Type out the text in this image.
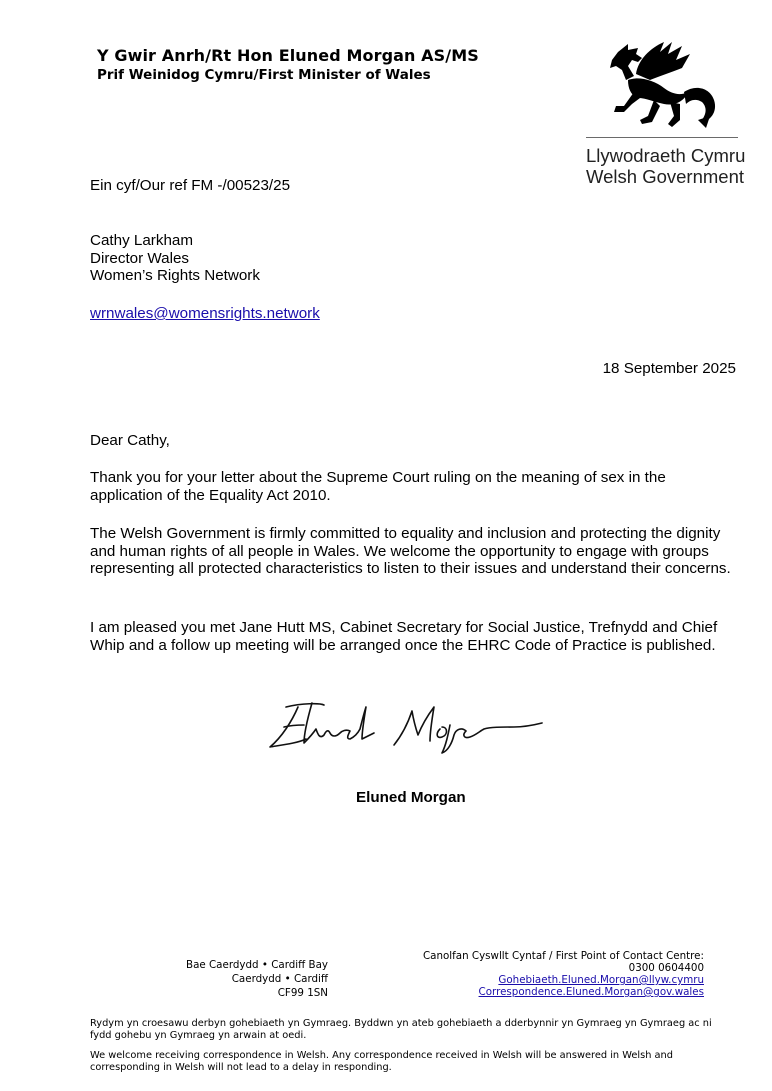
Y Gwir Anrh/Rt Hon Eluned Morgan AS/MS
Prif Weinidog Cymru/First Minister of Wales
Llywodraeth Cymru
Welsh Government
Ein cyf/Our ref FM -/00523/25
Cathy Larkham
Director Wales
Women’s Rights Network
wrnwales@womensrights.network
18 September 2025
Dear Cathy,
Thank you for your letter about the Supreme Court ruling on the meaning of sex in the application of the Equality Act 2010.
The Welsh Government is firmly committed to equality and inclusion and protecting the dignity and human rights of all people in Wales. We welcome the opportunity to engage with groups representing all protected characteristics to listen to their issues and understand their concerns.
I am pleased you met Jane Hutt MS, Cabinet Secretary for Social Justice, Trefnydd and Chief Whip and a follow up meeting will be arranged once the EHRC Code of Practice is published.
Eluned Morgan
Bae Caerdydd • Cardiff Bay
Caerdydd • Cardiff
CF99 1SN
Canolfan Cyswllt Cyntaf / First Point of Contact Centre:
0300 0604400
Gohebiaeth.Eluned.Morgan@llyw.cymru
Correspondence.Eluned.Morgan@gov.wales
Rydym yn croesawu derbyn gohebiaeth yn Gymraeg. Byddwn yn ateb gohebiaeth a dderbynnir yn Gymraeg yn Gymraeg ac ni fydd gohebu yn Gymraeg yn arwain at oedi.
We welcome receiving correspondence in Welsh. Any correspondence received in Welsh will be answered in Welsh and corresponding in Welsh will not lead to a delay in responding.
